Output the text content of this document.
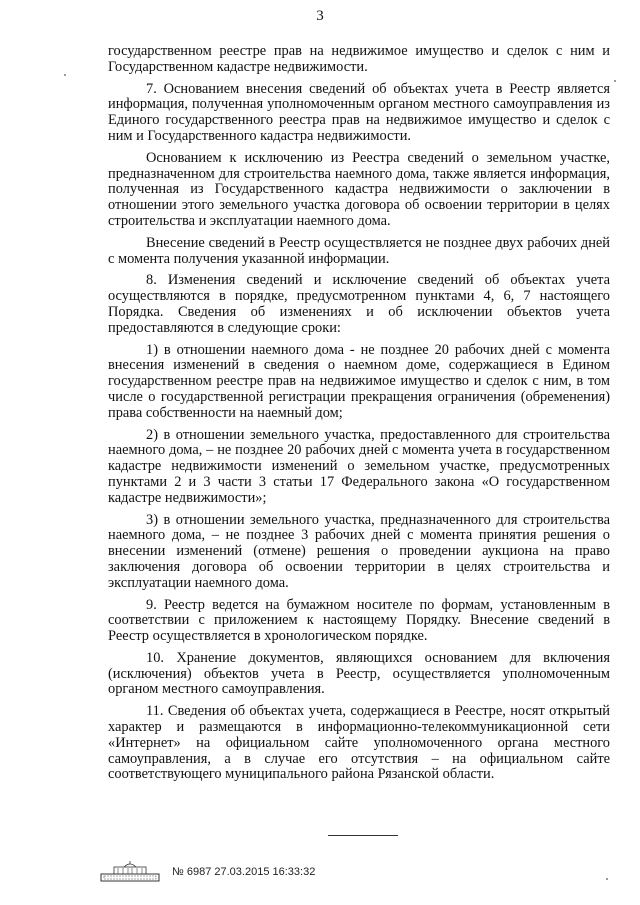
3

государственном реестре прав на недвижимое имущество и сделок с ним и Государственном кадастре недвижимости.

7. Основанием внесения сведений об объектах учета в Реестр является информация, полученная уполномоченным органом местного самоуправления из Единого государственного реестра прав на недвижимое имущество и сделок с ним и Государственного кадастра недвижимости.

Основанием к исключению из Реестра сведений о земельном участке, предназначенном для строительства наемного дома, также является информация, полученная из Государственного кадастра недвижимости о заключении в отношении этого земельного участка договора об освоении территории в целях строительства и эксплуатации наемного дома.

Внесение сведений в Реестр осуществляется не позднее двух рабочих дней с момента получения указанной информации.

8. Изменения сведений и исключение сведений об объектах учета осуществляются в порядке, предусмотренном пунктами 4, 6, 7 настоящего Порядка. Сведения об изменениях и об исключении объектов учета предоставляются в следующие сроки:

1) в отношении наемного дома - не позднее 20 рабочих дней с момента внесения изменений в сведения о наемном доме, содержащиеся в Едином государственном реестре прав на недвижимое имущество и сделок с ним, в том числе о государственной регистрации прекращения ограничения (обременения) права собственности на наемный дом;

2) в отношении земельного участка, предоставленного для строительства наемного дома, – не позднее 20 рабочих дней с момента учета в государственном кадастре недвижимости изменений о земельном участке, предусмотренных пунктами 2 и 3 части 3 статьи 17 Федерального закона «О государственном кадастре недвижимости»;

3) в отношении земельного участка, предназначенного для строительства наемного дома, – не позднее 3 рабочих дней с момента принятия решения о внесении изменений (отмене) решения о проведении аукциона на право заключения договора об освоении территории в целях строительства и эксплуатации наемного дома.

9. Реестр ведется на бумажном носителе по формам, установленным в соответствии с приложением к настоящему Порядку. Внесение сведений в Реестр осуществляется в хронологическом порядке.

10. Хранение документов, являющихся основанием для включения (исключения) объектов учета в Реестр, осуществляется уполномоченным органом местного самоуправления.

11. Сведения об объектах учета, содержащиеся в Реестре, носят открытый характер и размещаются в информационно-телекоммуникационной сети «Интернет» на официальном сайте уполномоченного органа местного самоуправления, а в случае его отсутствия – на официальном сайте соответствующего муниципального района Рязанской области.

№ 6987 27.03.2015 16:33:32
